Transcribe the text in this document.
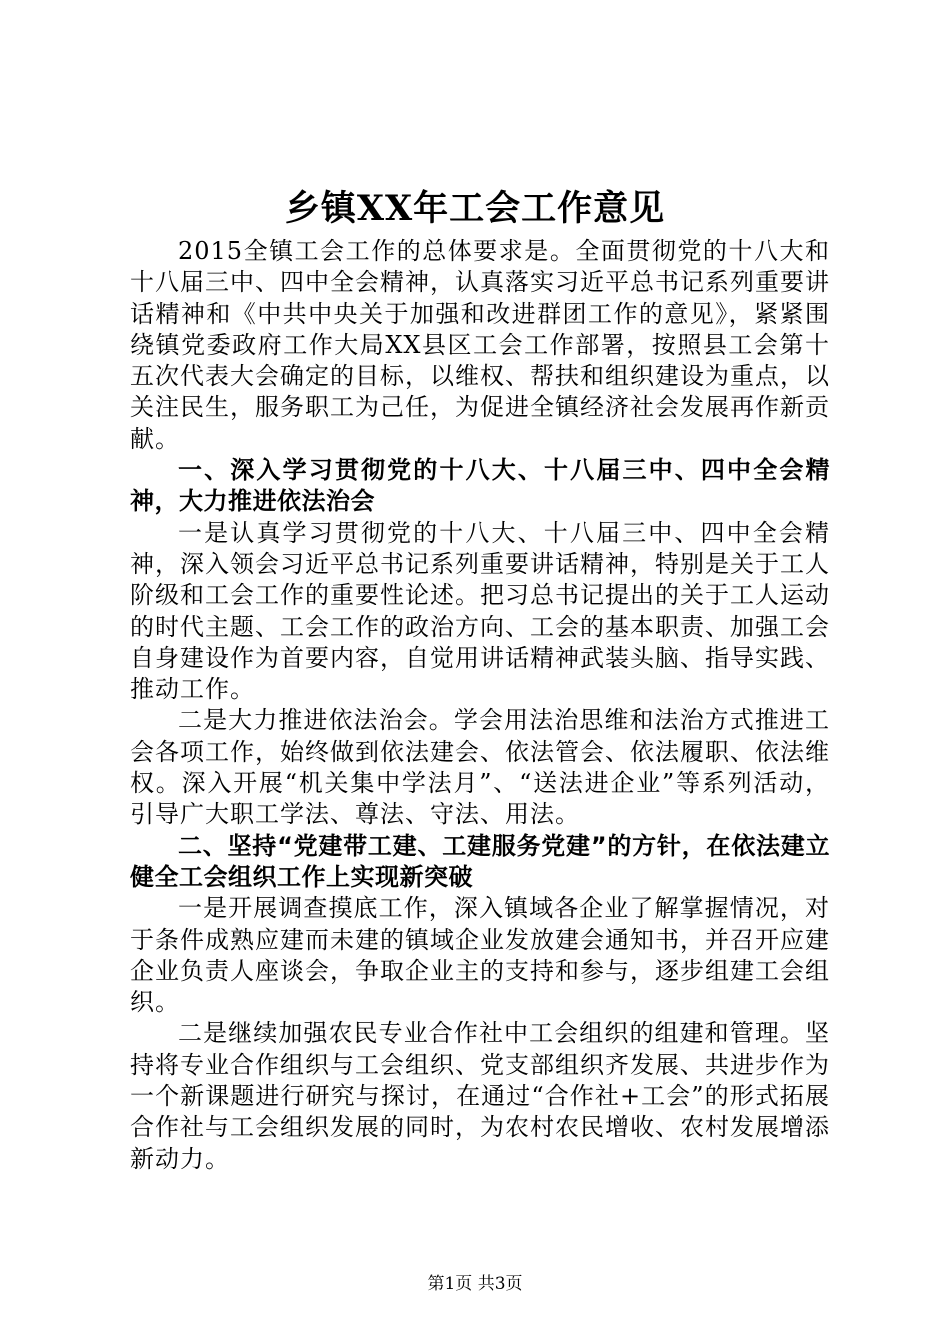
乡镇XX年工会工作意见

2015全镇工会工作的总体要求是。全面贯彻党的十八大和十八届三中、四中全会精神，认真落实习近平总书记系列重要讲话精神和《中共中央关于加强和改进群团工作的意见》，紧紧围绕镇党委政府工作大局XX县区工会工作部署，按照县工会第十五次代表大会确定的目标，以维权、帮扶和组织建设为重点，以关注民生，服务职工为己任，为促进全镇经济社会发展再作新贡献。

一、深入学习贯彻党的十八大、十八届三中、四中全会精神，大力推进依法治会

一是认真学习贯彻党的十八大、十八届三中、四中全会精神，深入领会习近平总书记系列重要讲话精神，特别是关于工人阶级和工会工作的重要性论述。把习总书记提出的关于工人运动的时代主题、工会工作的政治方向、工会的基本职责、加强工会自身建设作为首要内容，自觉用讲话精神武装头脑、指导实践、推动工作。

二是大力推进依法治会。学会用法治思维和法治方式推进工会各项工作，始终做到依法建会、依法管会、依法履职、依法维权。深入开展“机关集中学法月”、“送法进企业”等系列活动，引导广大职工学法、尊法、守法、用法。

二、坚持“党建带工建、工建服务党建”的方针，在依法建立健全工会组织工作上实现新突破

一是开展调查摸底工作，深入镇域各企业了解掌握情况，对于条件成熟应建而未建的镇域企业发放建会通知书，并召开应建企业负责人座谈会，争取企业主的支持和参与，逐步组建工会组织。

二是继续加强农民专业合作社中工会组织的组建和管理。坚持将专业合作组织与工会组织、党支部组织齐发展、共进步作为一个新课题进行研究与探讨，在通过“合作社+工会”的形式拓展合作社与工会组织发展的同时，为农村农民增收、农村发展增添新动力。

第1页 共3页
